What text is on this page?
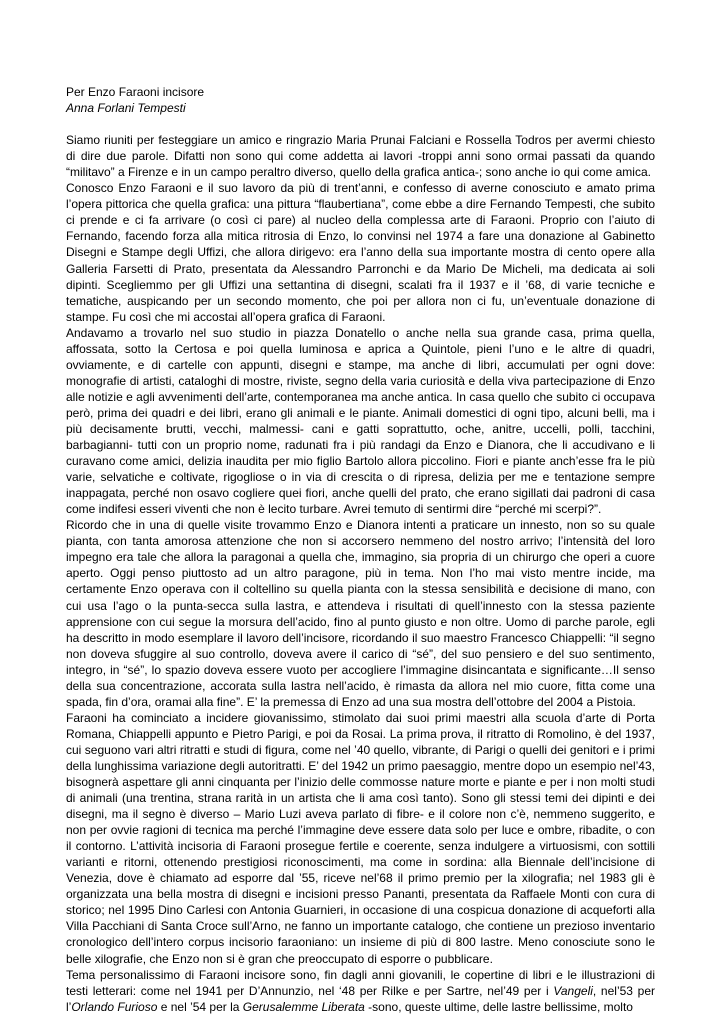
Per Enzo Faraoni incisore

Anna Forlani Tempesti

Siamo riuniti per festeggiare un amico e ringrazio Maria Prunai Falciani e Rossella Todros per avermi chiesto di dire due parole. Difatti non sono qui come addetta ai lavori -troppi anni sono ormai passati da quando “militavo” a Firenze e in un campo peraltro diverso, quello della grafica antica-; sono anche io qui come amica.

Conosco Enzo Faraoni e il suo lavoro da più di trent’anni, e confesso di averne conosciuto e amato prima l’opera pittorica che quella grafica: una pittura “flaubertiana”, come ebbe a dire Fernando Tempesti, che subito ci prende e ci fa arrivare (o così ci pare) al nucleo della complessa arte di Faraoni. Proprio con l’aiuto di Fernando, facendo forza alla mitica ritrosia di Enzo, lo convinsi nel 1974 a fare una donazione al Gabinetto Disegni e Stampe degli Uffizi, che allora dirigevo: era l’anno della sua importante mostra di cento opere alla Galleria Farsetti di Prato, presentata da Alessandro Parronchi e da Mario De Micheli, ma dedicata ai soli dipinti. Scegliemmo per gli Uffizi una settantina di disegni, scalati fra il 1937 e il ’68, di varie tecniche e tematiche, auspicando per un secondo momento, che poi per allora non ci fu, un’eventuale donazione di stampe. Fu così che mi accostai all’opera grafica di Faraoni.

Andavamo a trovarlo nel suo studio in piazza Donatello o anche nella sua grande casa, prima quella, affossata, sotto la Certosa e poi quella luminosa e aprica a Quintole, pieni l’uno e le altre di quadri, ovviamente, e di cartelle con appunti, disegni e stampe, ma anche di libri, accumulati per ogni dove: monografie di artisti, cataloghi di mostre, riviste, segno della varia curiosità e della viva partecipazione di Enzo alle notizie e agli avvenimenti dell’arte, contemporanea ma anche antica. In casa quello che subito ci occupava però, prima dei quadri e dei libri, erano gli animali e le piante. Animali domestici di ogni tipo, alcuni belli, ma i più decisamente brutti, vecchi, malmessi- cani e gatti soprattutto, oche, anitre, uccelli, polli, tacchini, barbagianni- tutti con un proprio nome, radunati fra i più randagi da Enzo e Dianora, che li accudivano e li curavano come amici, delizia inaudita per mio figlio Bartolo allora piccolino. Fiori e piante anch’esse fra le più varie, selvatiche e coltivate, rigogliose o in via di crescita o di ripresa, delizia per me e tentazione sempre inappagata, perché non osavo cogliere quei fiori, anche quelli del prato, che erano sigillati dai padroni di casa come indifesi esseri viventi che non è lecito turbare. Avrei temuto di sentirmi dire “perché mi scerpi?”.

Ricordo che in una di quelle visite trovammo Enzo e Dianora intenti a praticare un innesto, non so su quale pianta, con tanta amorosa attenzione che non si accorsero nemmeno del nostro arrivo; l’intensità del loro impegno era tale che allora la paragonai a quella che, immagino, sia propria di un chirurgo che operi a cuore aperto. Oggi penso piuttosto ad un altro paragone, più in tema. Non l’ho mai visto mentre incide, ma certamente Enzo operava con il coltellino su quella pianta con la stessa sensibilità e decisione di mano, con cui usa l’ago o la punta-secca sulla lastra, e attendeva i risultati di quell’innesto con la stessa paziente apprensione con cui segue la morsura dell’acido, fino al punto giusto e non oltre. Uomo di parche parole, egli ha descritto in modo esemplare il lavoro dell’incisore, ricordando il suo maestro Francesco Chiappelli: “il segno non doveva sfuggire al suo controllo, doveva avere il carico di “sé”, del suo pensiero e del suo sentimento, integro, in “sé”, lo spazio doveva essere vuoto per accogliere l’immagine disincantata e significante…Il senso della sua concentrazione, accorata sulla lastra nell’acido, è rimasta da allora nel mio cuore, fitta come una spada, fin d’ora, oramai alla fine”. E’ la premessa di Enzo ad una sua mostra dell’ottobre del 2004 a Pistoia.

Faraoni ha cominciato a incidere giovanissimo, stimolato dai suoi primi maestri alla scuola d’arte di Porta Romana, Chiappelli appunto e Pietro Parigi, e poi da Rosai. La prima prova, il ritratto di Romolino, è del 1937, cui seguono vari altri ritratti e studi di figura, come nel ’40 quello, vibrante, di Parigi o quelli dei genitori e i primi della lunghissima variazione degli autoritratti. E’ del 1942 un primo paesaggio, mentre dopo un esempio nel’43, bisognerà aspettare gli anni cinquanta per l’inizio delle commosse nature morte e piante e per i non molti studi di animali (una trentina, strana rarità in un artista che li ama così tanto). Sono gli stessi temi dei dipinti e dei disegni, ma il segno è diverso – Mario Luzi aveva parlato di fibre- e il colore non c’è, nemmeno suggerito, e non per ovvie ragioni di tecnica ma perché l’immagine deve essere data solo per luce e ombre, ribadite, o con il contorno. L’attività incisoria di Faraoni prosegue fertile e coerente, senza indulgere a virtuosismi, con sottili varianti e ritorni, ottenendo prestigiosi riconoscimenti, ma come in sordina: alla Biennale dell’incisione di Venezia, dove è chiamato ad esporre dal ’55, riceve nel’68 il primo premio per la xilografia; nel 1983 gli è organizzata una bella mostra di disegni e incisioni presso Pananti, presentata da Raffaele Monti con cura di storico; nel 1995 Dino Carlesi con Antonia Guarnieri, in occasione di una cospicua donazione di acqueforti alla Villa Pacchiani di Santa Croce sull’Arno, ne fanno un importante catalogo, che contiene un prezioso inventario cronologico dell’intero corpus incisorio faraoniano: un insieme di più di 800 lastre. Meno conosciute sono le belle xilografie, che Enzo non si è gran che preoccupato di esporre o pubblicare.

Tema personalissimo di Faraoni incisore sono, fin dagli anni giovanili, le copertine di libri e le illustrazioni di testi letterari: come nel 1941 per D’Annunzio, nel ‘48 per Rilke e per Sartre, nel’49 per i Vangeli, nel’53 per l’Orlando Furioso e nel ’54 per la Gerusalemme Liberata -sono, queste ultime, delle lastre bellissime, molto
